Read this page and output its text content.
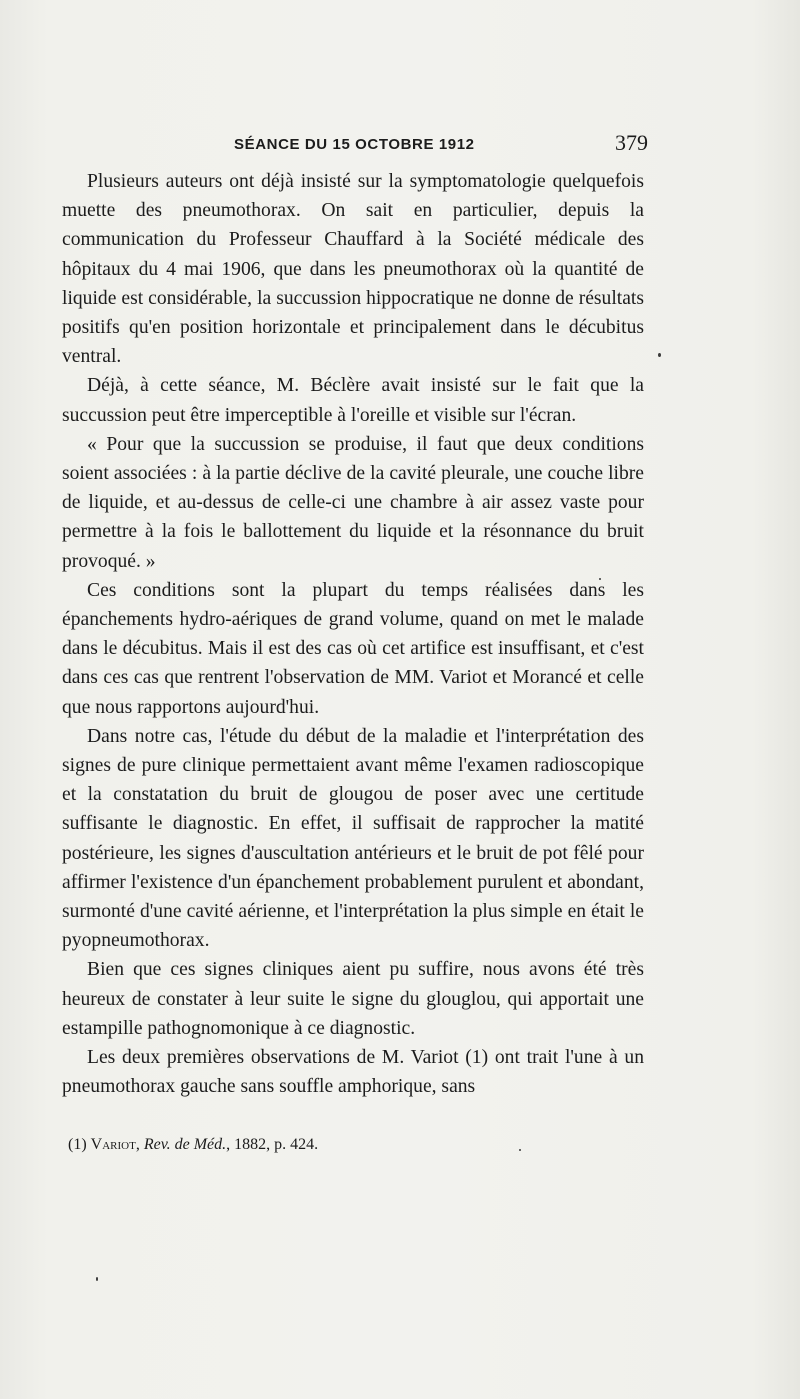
SÉANCE DU 15 OCTOBRE 1912	379

Plusieurs auteurs ont déjà insisté sur la symptomatologie quelquefois muette des pneumothorax. On sait en particulier, depuis la communication du Professeur Chauffard à la Société médicale des hôpitaux du 4 mai 1906, que dans les pneumothorax où la quantité de liquide est considérable, la succussion hippocratique ne donne de résultats positifs qu'en position horizontale et principalement dans le décubitus ventral.

Déjà, à cette séance, M. Béclère avait insisté sur le fait que la succussion peut être imperceptible à l'oreille et visible sur l'écran.

« Pour que la succussion se produise, il faut que deux conditions soient associées : à la partie déclive de la cavité pleurale, une couche libre de liquide, et au-dessus de celle-ci une chambre à air assez vaste pour permettre à la fois le ballottement du liquide et la résonnance du bruit provoqué. »

Ces conditions sont la plupart du temps réalisées dans les épanchements hydro-aériques de grand volume, quand on met le malade dans le décubitus. Mais il est des cas où cet artifice est insuffisant, et c'est dans ces cas que rentrent l'observation de MM. Variot et Morancé et celle que nous rapportons aujourd'hui.

Dans notre cas, l'étude du début de la maladie et l'interprétation des signes de pure clinique permettaient avant même l'examen radioscopique et la constatation du bruit de glougou de poser avec une certitude suffisante le diagnostic. En effet, il suffisait de rapprocher la matité postérieure, les signes d'auscultation antérieurs et le bruit de pot fêlé pour affirmer l'existence d'un épanchement probablement purulent et abondant, surmonté d'une cavité aérienne, et l'interprétation la plus simple en était le pyopneumothorax.

Bien que ces signes cliniques aient pu suffire, nous avons été très heureux de constater à leur suite le signe du glouglou, qui apportait une estampille pathognomonique à ce diagnostic.

Les deux premières observations de M. Variot (1) ont trait l'une à un pneumothorax gauche sans souffle amphorique, sans

(1) Variot, Rev. de Méd., 1882, p. 424.
